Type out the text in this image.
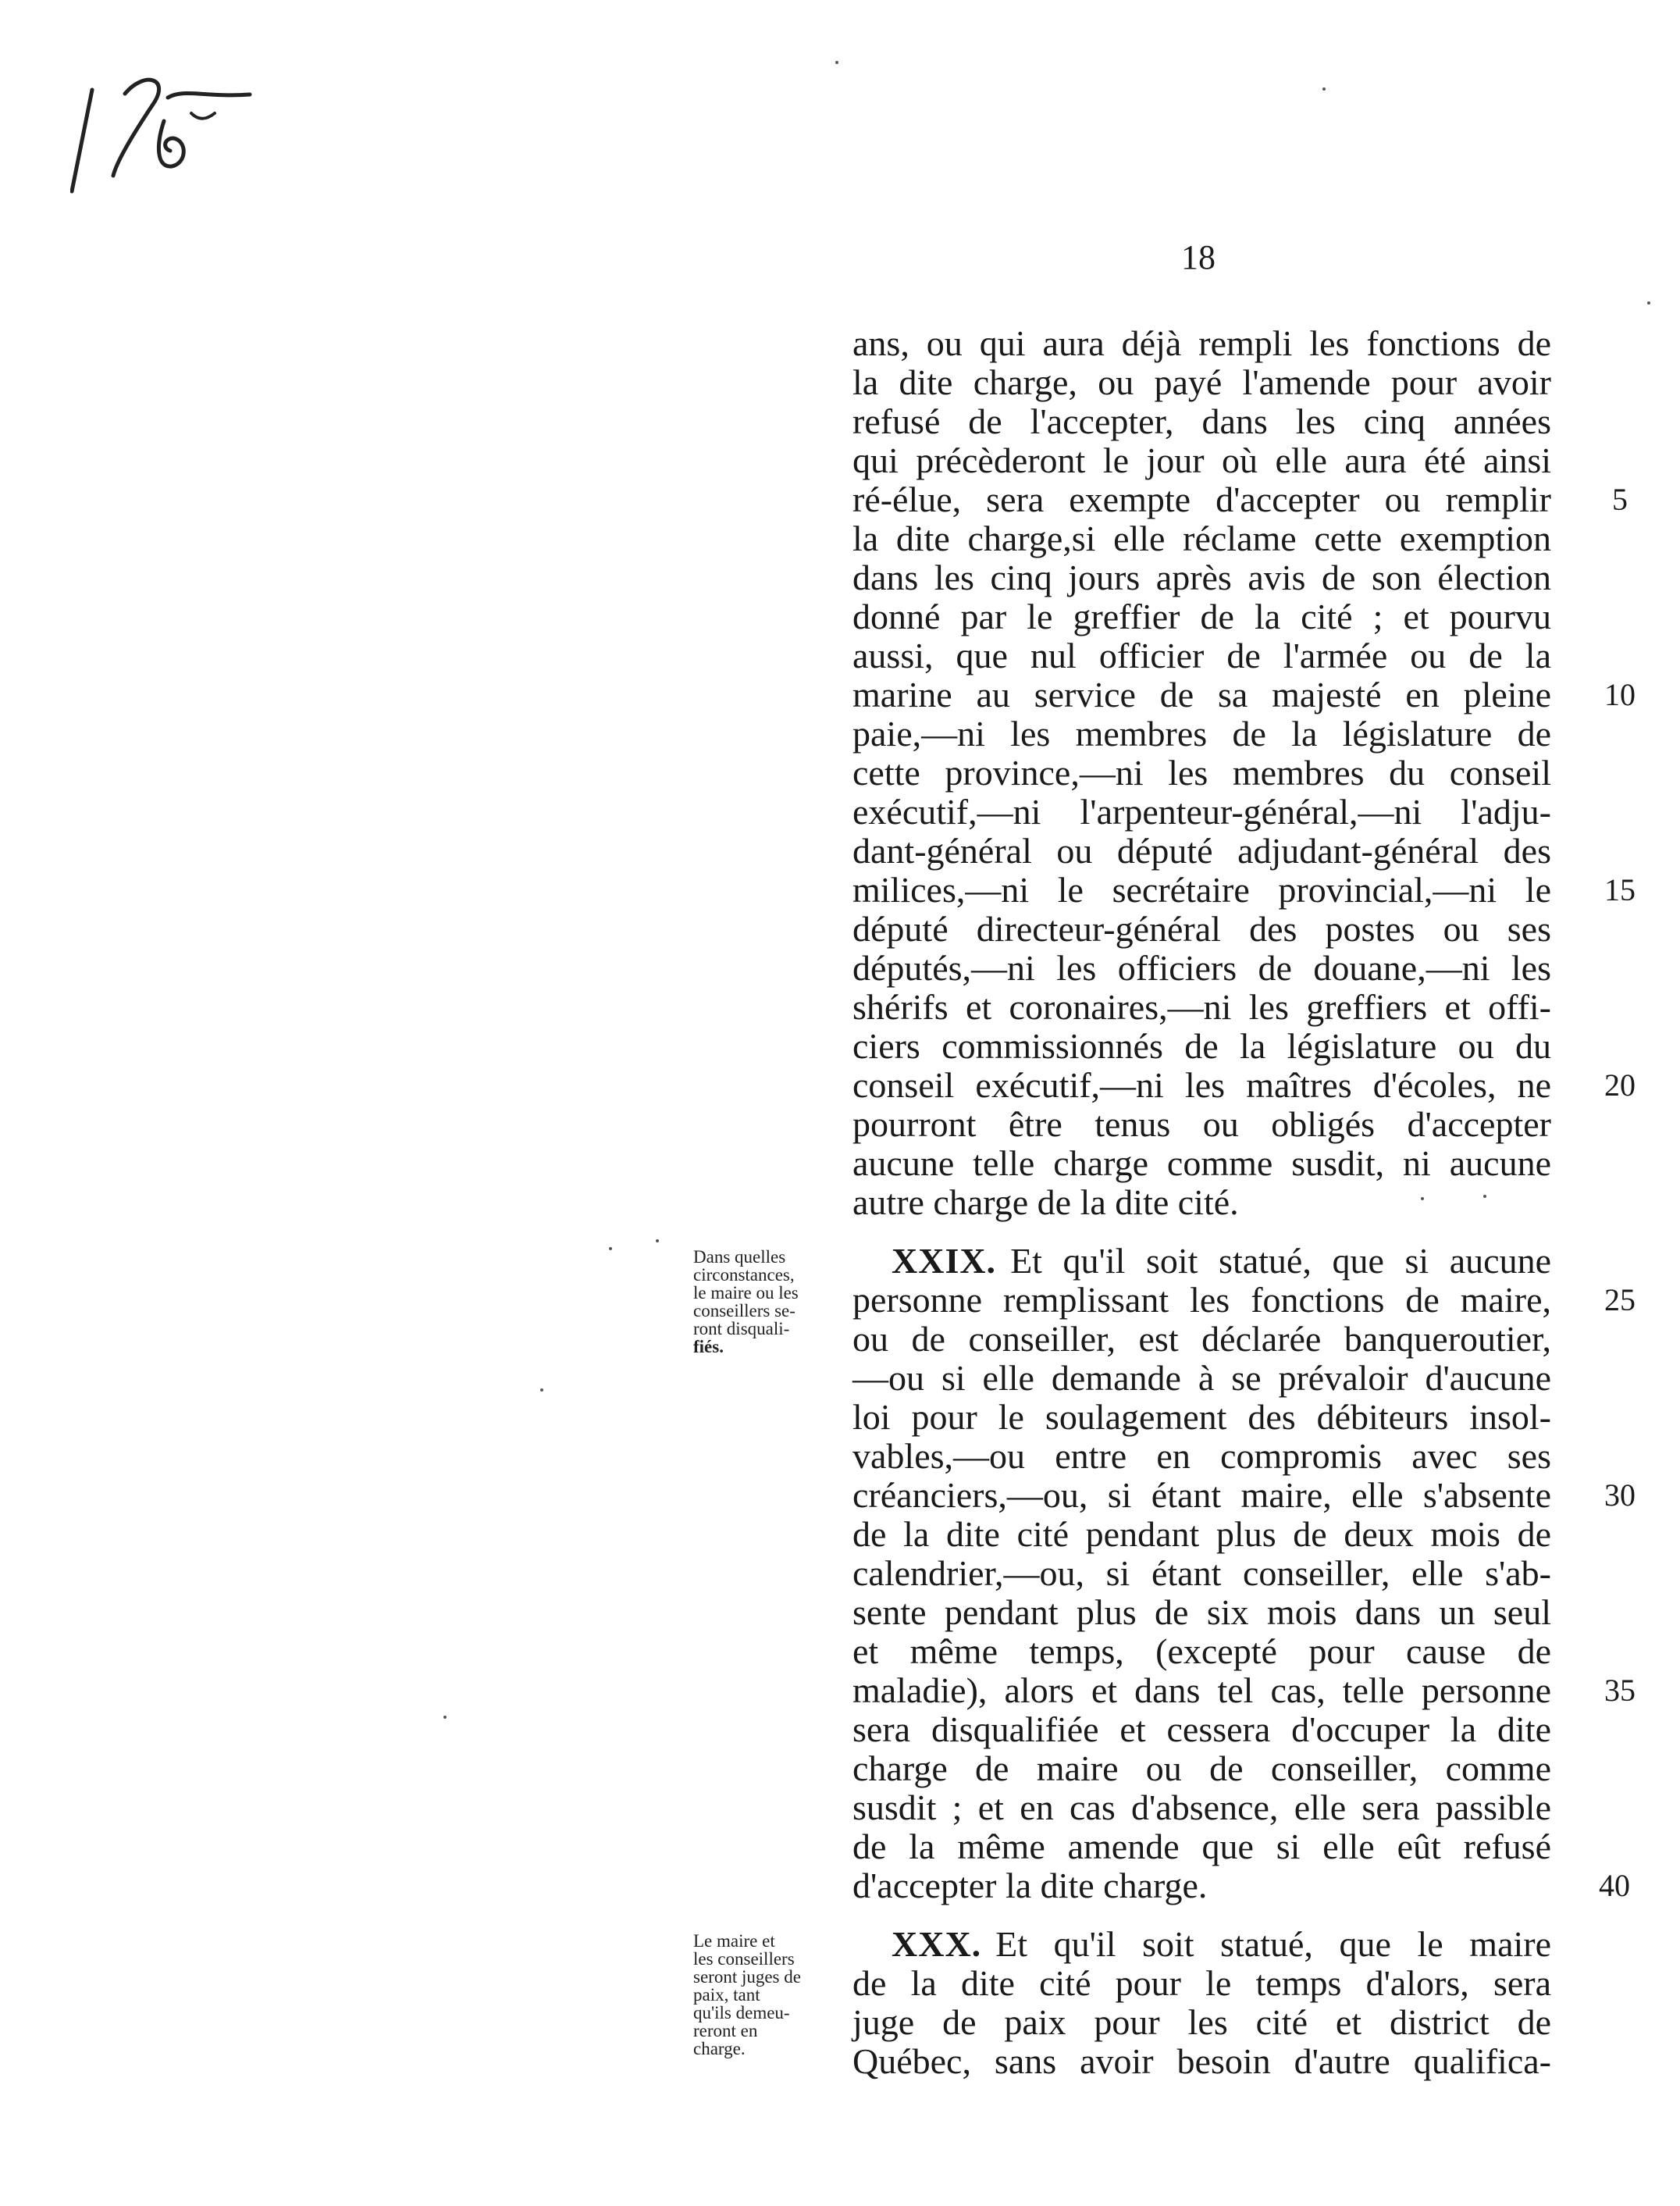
18
ans, ou qui aura déjà rempli les fonctions de
la dite charge, ou payé l'amende pour avoir
refusé de l'accepter, dans les cinq années
qui précèderont le jour où elle aura été ainsi
ré-élue, sera exempte d'accepter ou remplir
la dite charge,si elle réclame cette exemption
dans les cinq jours après avis de son élection
donné par le greffier de la cité ; et pourvu
aussi, que nul officier de l'armée ou de la
marine au service de sa majesté en pleine
paie,—ni les membres de la législature de
cette province,—ni les membres du conseil
exécutif,—ni l'arpenteur-général,—ni l'adju-
dant-général ou député adjudant-général des
milices,—ni le secrétaire provincial,—ni le
député directeur-général des postes ou ses
députés,—ni les officiers de douane,—ni les
shérifs et coronaires,—ni les greffiers et offi-
ciers commissionnés de la législature ou du
conseil exécutif,—ni les maîtres d'écoles, ne
pourront être tenus ou obligés d'accepter
aucune telle charge comme susdit, ni aucune
autre charge de la dite cité.
XXIX. Et qu'il soit statué, que si aucune
personne remplissant les fonctions de maire,
ou de conseiller, est déclarée banqueroutier,
—ou si elle demande à se prévaloir d'aucune
loi pour le soulagement des débiteurs insol-
vables,—ou entre en compromis avec ses
créanciers,—ou, si étant maire, elle s'absente
de la dite cité pendant plus de deux mois de
calendrier,—ou, si étant conseiller, elle s'ab-
sente pendant plus de six mois dans un seul
et même temps, (excepté pour cause de
maladie), alors et dans tel cas, telle personne
sera disqualifiée et cessera d'occuper la dite
charge de maire ou de conseiller, comme
susdit ; et en cas d'absence, elle sera passible
de la même amende que si elle eût refusé
d'accepter la dite charge.
XXX. Et qu'il soit statué, que le maire
de la dite cité pour le temps d'alors, sera
juge de paix pour les cité et district de
Québec, sans avoir besoin d'autre qualifica-
5
10
15
20
25
30
35
40
Dans quelles
circonstances,
le maire ou les
conseillers se-
ront disquali-
fiés.
Le maire et
les conseillers
seront juges de
paix, tant
qu'ils demeu-
reront en
charge.
